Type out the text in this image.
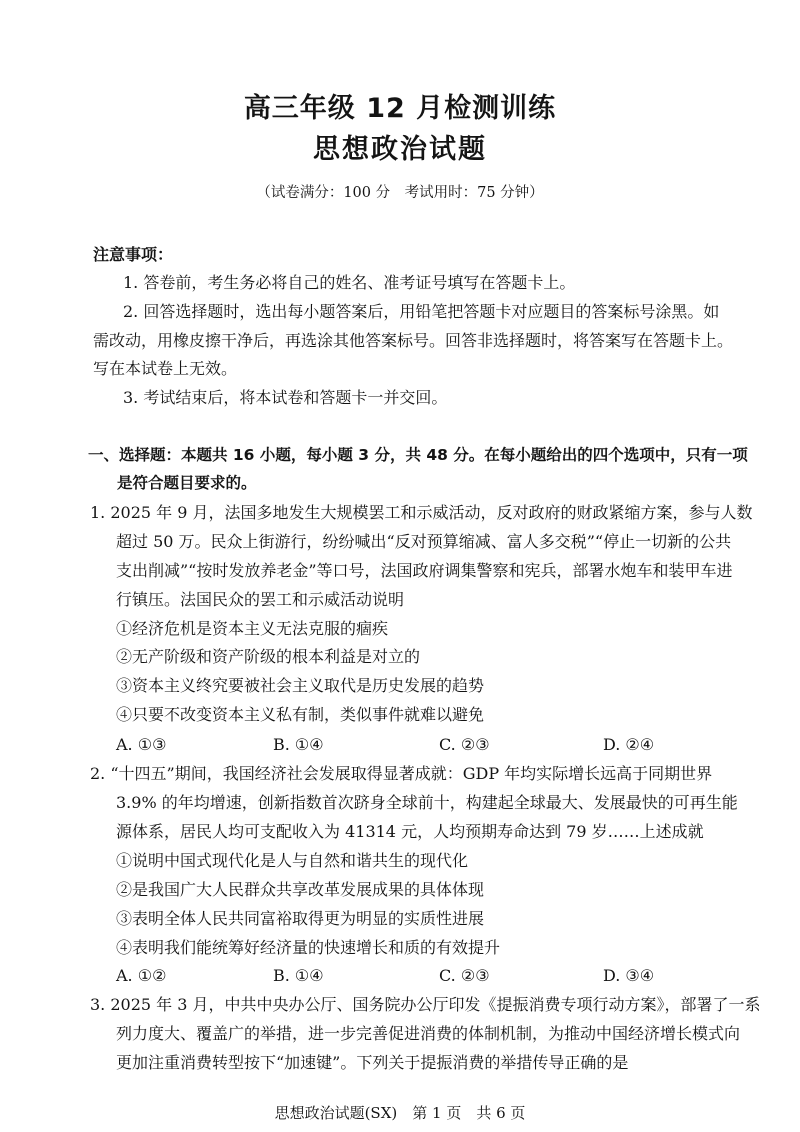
高三年级 12 月检测训练
思想政治试题
（试卷满分：100 分　考试用时：75 分钟）
注意事项：
1. 答卷前，考生务必将自己的姓名、准考证号填写在答题卡上。
2. 回答选择题时，选出每小题答案后，用铅笔把答题卡对应题目的答案标号涂黑。如
需改动，用橡皮擦干净后，再选涂其他答案标号。回答非选择题时，将答案写在答题卡上。
写在本试卷上无效。
3. 考试结束后，将本试卷和答题卡一并交回。
一、选择题：本题共 16 小题，每小题 3 分，共 48 分。在每小题给出的四个选项中，只有一项
是符合题目要求的。
1. 2025 年 9 月，法国多地发生大规模罢工和示威活动，反对政府的财政紧缩方案，参与人数
超过 50 万。民众上街游行，纷纷喊出“反对预算缩减、富人多交税”“停止一切新的公共
支出削减”“按时发放养老金”等口号，法国政府调集警察和宪兵，部署水炮车和装甲车进
行镇压。法国民众的罢工和示威活动说明
①经济危机是资本主义无法克服的痼疾
②无产阶级和资产阶级的根本利益是对立的
③资本主义终究要被社会主义取代是历史发展的趋势
④只要不改变资本主义私有制，类似事件就难以避免
A. ①③	B. ①④	C. ②③	D. ②④
2. “十四五”期间，我国经济社会发展取得显著成就：GDP 年均实际增长远高于同期世界
3.9% 的年均增速，创新指数首次跻身全球前十，构建起全球最大、发展最快的可再生能
源体系，居民人均可支配收入为 41314 元，人均预期寿命达到 79 岁……上述成就
①说明中国式现代化是人与自然和谐共生的现代化
②是我国广大人民群众共享改革发展成果的具体体现
③表明全体人民共同富裕取得更为明显的实质性进展
④表明我们能统筹好经济量的快速增长和质的有效提升
A. ①②	B. ①④	C. ②③	D. ③④
3. 2025 年 3 月，中共中央办公厅、国务院办公厅印发《提振消费专项行动方案》，部署了一系
列力度大、覆盖广的举措，进一步完善促进消费的体制机制，为推动中国经济增长模式向
更加注重消费转型按下“加速键”。下列关于提振消费的举措传导正确的是
思想政治试题(SX)　第 1 页　共 6 页
